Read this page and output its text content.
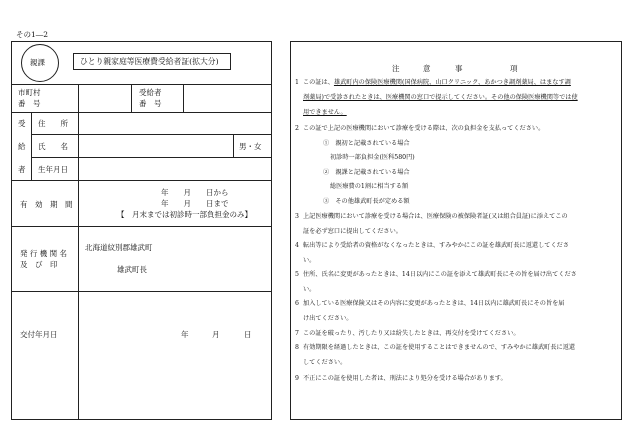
その1―2
親課	ひとり親家庭等医療費受給者証(拡大分)
市町村
番　号
受給者
番　号
受
給
者
住　　所
氏　　名	男・女
生年月日
有　効　期　間
年　　月　　日から
年　　月　　日まで
【　月末までは初診時一部負担金のみ】
発 行 機 関 名
及　び　印
北海道紋別郡雄武町
雄武町長
交付年月日	年	月	日
注	意	事	項
1 この証は、雄武町内の保険医療機関(国保病院、山口クリニック、あかつき調剤薬局、はまなす調
剤薬局)で受診されたときは、医療機関の窓口で提示してください。その他の保険医療機関等では使
用できません。
2 この証で上記の医療機関において診療を受ける際は、次の負担金を支払ってください。
①　親初と記載されている場合
初診時一部負担金(医科580円)
②　親課と記載されている場合
総医療費の1割に相当する額
③　その他雄武町長が定める額
3 上記医療機関において診療を受ける場合は、医療保険の被保険者証(又は組合員証)に添えてこの
証を必ず窓口に提出してください。
4 転出等により受給者の資格がなくなったときは、すみやかにこの証を雄武町長に返還してくださ
い。
5 住所、氏名に変更があったときは、14日以内にこの証を添えて雄武町長にその旨を届け出てくださ
い。
6 加入している医療保険又はその内容に変更があったときは、14日以内に雄武町長にその旨を届
け出てください。
7 この証を破ったり、汚したり又は紛失したときは、再交付を受けてください。
8 有効期限を経過したときは、この証を使用することはできませんので、すみやかに雄武町長に返還
してください。
9 不正にこの証を使用した者は、刑法により処分を受ける場合があります。
